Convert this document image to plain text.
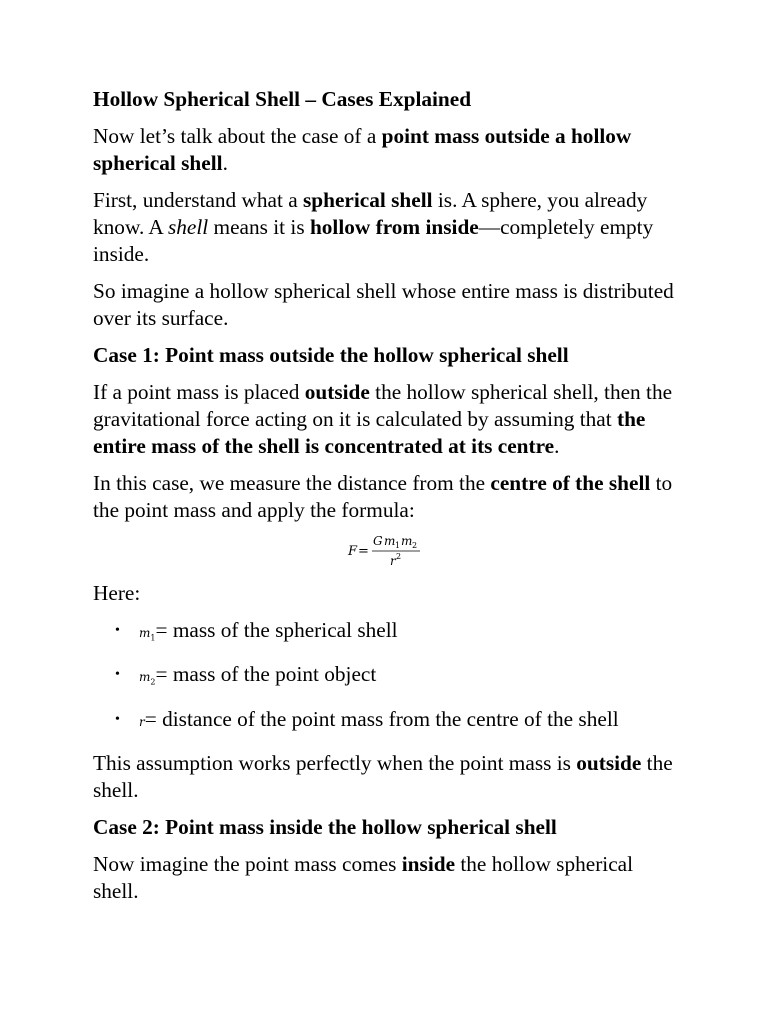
Hollow Spherical Shell – Cases Explained

Now let’s talk about the case of a point mass outside a hollow spherical shell.

First, understand what a spherical shell is. A sphere, you already know. A shell means it is hollow from inside—completely empty inside.

So imagine a hollow spherical shell whose entire mass is distributed over its surface.

Case 1: Point mass outside the hollow spherical shell

If a point mass is placed outside the hollow spherical shell, then the gravitational force acting on it is calculated by assuming that the entire mass of the shell is concentrated at its centre.

In this case, we measure the distance from the centre of the shell to the point mass and apply the formula:

F =
G m 1 m 2
r 2

Here:

• $m_1=$ mass of the spherical shell
• $m_2=$ mass of the point object
• r= distance of the point mass from the centre of the shell

This assumption works perfectly when the point mass is outside the shell.

Case 2: Point mass inside the hollow spherical shell

Now imagine the point mass comes inside the hollow spherical shell.
